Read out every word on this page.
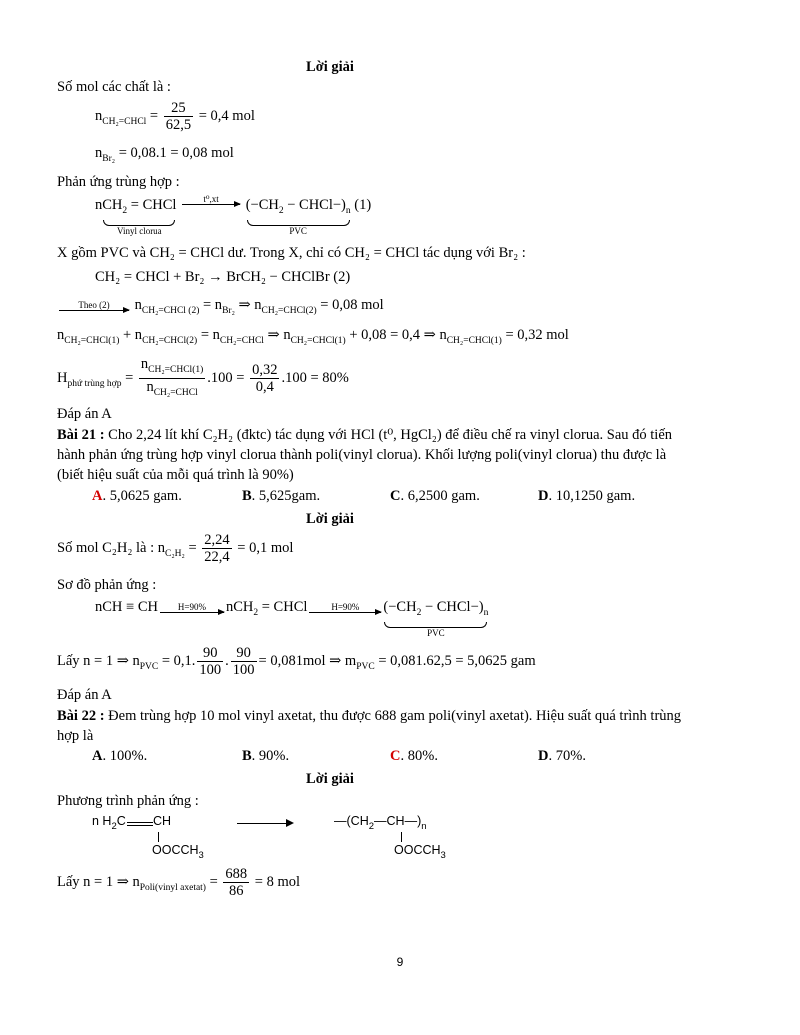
Lời giải
Số mol các chất là :
$n_{CH_2=CHCl} = \frac{25}{62,5} = 0,4$ mol
$n_{Br_2} = 0,08.1 = 0,08$ mol
Phản ứng trùng hợp :
n $CH_2$ = CHCl
Vinyl clorua

t⁰,xt
	($-CH_2$ − $CHCl-)_n$
PVC
(1)
X gồm PVC và CH₂ = CHCl dư. Trong X, chỉ có CH₂ = CHCl tác dụng với Br₂ :
CH₂ = CHCl + Br₂ → BrCH₂ − CHClBr (2)
Theo (2)	$n_{CH_2=CHCl (2)} = n_{Br_2}$ ⇒ $n_{CH_2=CHCl(2)} = 0,08$ mol
$n_{CH_2=CHCl(1)} + n_{CH_2=CHCl(2)} = n_{CH_2=CHCl}$ ⇒ $n_{CH_2=CHCl(1)} + 0,08 = 0,4$ ⇒ $n_{CH_2=CHCl(1)} = 0,32$ mol
$H_{phứ trùng hợp} = \frac{n_{CH_2=CHCl(1)}}{n_{CH_2=CHCl}} .100 = \frac{0,32}{0,4} .100 = 80\%$
Đáp án A
Bài 21 : Cho 2,24 lít khí C₂H₂ (đktc) tác dụng với HCl (t⁰, HgCl₂) để điều chế ra vinyl clorua. Sau đó tiến
hành phản ứng trùng hợp vinyl clorua thành poli(vinyl clorua). Khối lượng poli(vinyl clorua) thu được là
(biết hiệu suất của mỗi quá trình là 90%)
A. 5,0625 gam.	B. 5,625gam.	C. 6,2500 gam.	D. 10,1250 gam.
Lời giải
Số mol C₂H₂ là : $n_{C_2H_2} = \frac{2,24}{22,4} = 0,1$ mol
Sơ đồ phản ứng :
nCH ≡ CH	H=90%	nCH$_2$ = CHCl	H=90%	($-CH_2$ − $CHCl-)_n$
PVC
Lấy n = 1 ⇒ $n_{PVC} = 0,1$. $\frac{90}{100}$ . $\frac{90}{100} = 0,081mol$ ⇒ $m_{PVC} = 0,081.62,5 = 5,0625$ gam
Đáp án A
Bài 22 : Đem trùng hợp 10 mol vinyl axetat, thu được 688 gam poli(vinyl axetat). Hiệu suất quá trình trùng
hợp là
A. 100%.	B. 90%.	C. 80%.	D. 70%.
Lời giải
Phương trình phản ứng :
n $H_2C$ CH
$OOCCH_3$
$—(CH_2—CH—)_n$
$OOCCH_3$
Lấy n = 1 ⇒ $n_{Poli(vinyl axetat)} = \frac{688}{86} = 8$ mol
9
